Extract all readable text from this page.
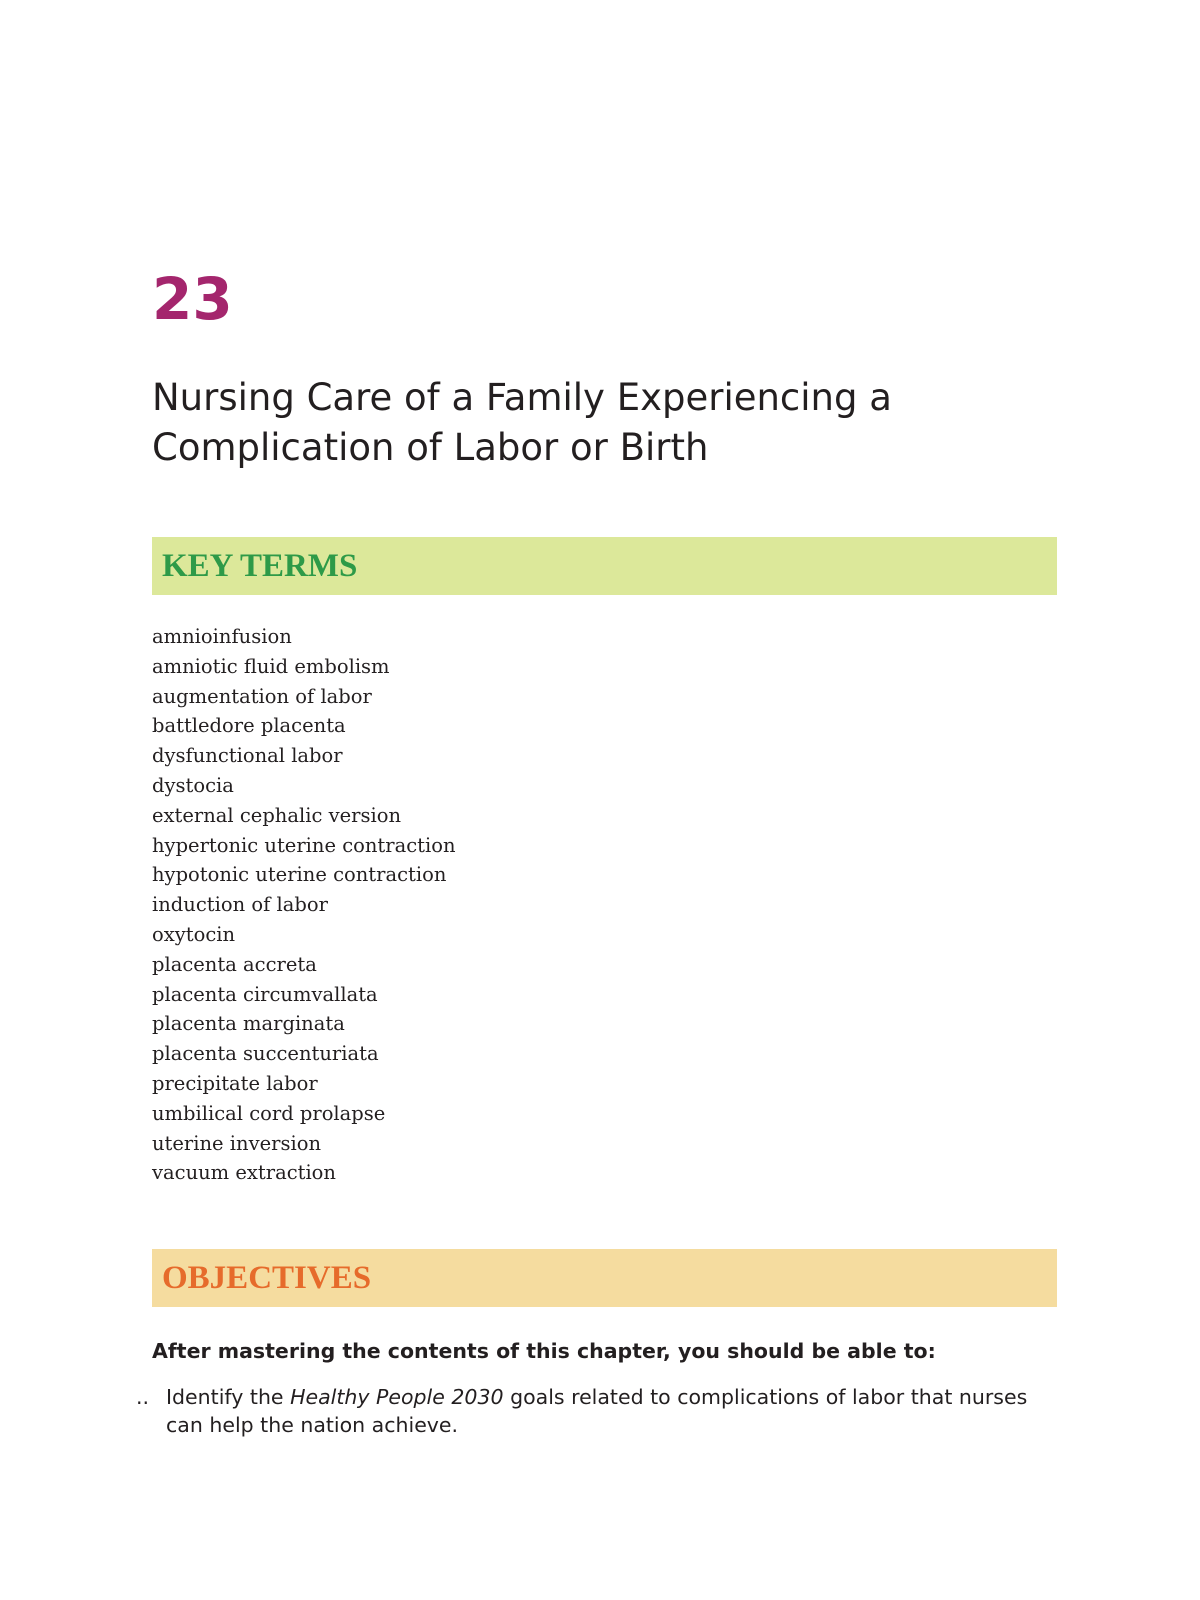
23
Nursing Care of a Family Experiencing a Complication of Labor or Birth
KEY TERMS
amnioinfusion
amniotic fluid embolism
augmentation of labor
battledore placenta
dysfunctional labor
dystocia
external cephalic version
hypertonic uterine contraction
hypotonic uterine contraction
induction of labor
oxytocin
placenta accreta
placenta circumvallata
placenta marginata
placenta succenturiata
precipitate labor
umbilical cord prolapse
uterine inversion
vacuum extraction
OBJECTIVES

After mastering the contents of this chapter, you should be able to:

.. Identify the Healthy People 2030 goals related to complications of labor that nurses can help the nation achieve.
